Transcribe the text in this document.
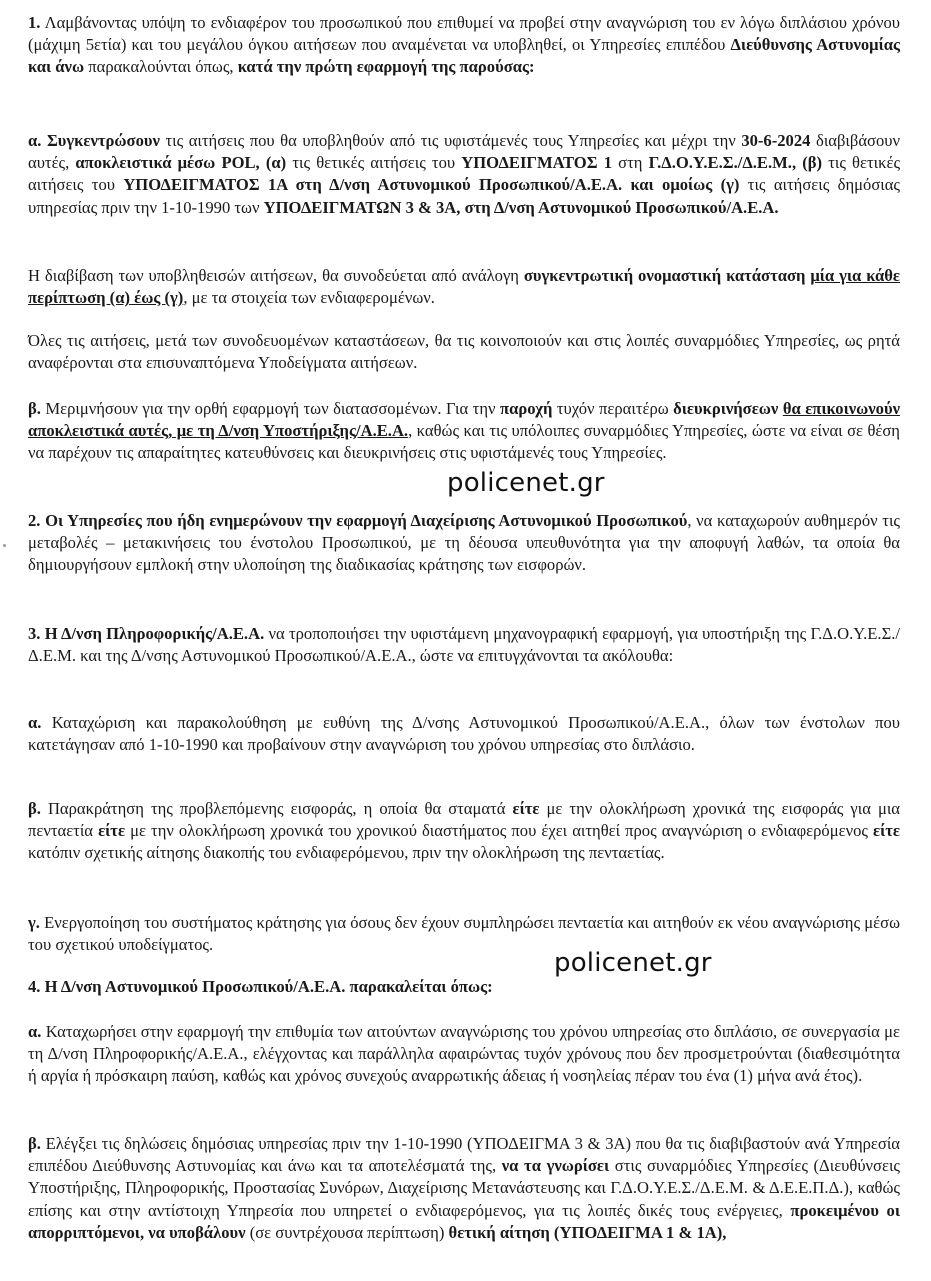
1. Λαμβάνοντας υπόψη το ενδιαφέρον του προσωπικού που επιθυμεί να προβεί στην αναγνώριση του εν λόγω διπλάσιου χρόνου (μάχιμη 5ετία) και του μεγάλου όγκου αιτήσεων που αναμένεται να υποβληθεί, οι Υπηρεσίες επιπέδου Διεύθυνσης Αστυνομίας και άνω παρακαλούνται όπως, κατά την πρώτη εφαρμογή της παρούσας:

α. Συγκεντρώσουν τις αιτήσεις που θα υποβληθούν από τις υφιστάμενές τους Υπηρεσίες και μέχρι την 30-6-2024 διαβιβάσουν αυτές, αποκλειστικά μέσω POL, (α) τις θετικές αιτήσεις του ΥΠΟΔΕΙΓΜΑΤΟΣ 1 στη Γ.Δ.Ο.Υ.Ε.Σ./Δ.Ε.Μ., (β) τις θετικές αιτήσεις του ΥΠΟΔΕΙΓΜΑΤΟΣ 1Α στη Δ/νση Αστυνομικού Προσωπικού/Α.Ε.Α. και ομοίως (γ) τις αιτήσεις δημόσιας υπηρεσίας πριν την 1-10-1990 των ΥΠΟΔΕΙΓΜΑΤΩΝ 3 & 3Α, στη Δ/νση Αστυνομικού Προσωπικού/Α.Ε.Α.

Η διαβίβαση των υποβληθεισών αιτήσεων, θα συνοδεύεται από ανάλογη συγκεντρωτική ονομαστική κατάσταση μία για κάθε περίπτωση (α) έως (γ), με τα στοιχεία των ενδιαφερομένων.

Όλες τις αιτήσεις, μετά των συνοδευομένων καταστάσεων, θα τις κοινοποιούν και στις λοιπές συναρμόδιες Υπηρεσίες, ως ρητά αναφέρονται στα επισυναπτόμενα Υποδείγματα αιτήσεων.

β. Μεριμνήσουν για την ορθή εφαρμογή των διατασσομένων. Για την παροχή τυχόν περαιτέρω διευκρινήσεων θα επικοινωνούν αποκλειστικά αυτές, με τη Δ/νση Υποστήριξης/Α.Ε.Α., καθώς και τις υπόλοιπες συναρμόδιες Υπηρεσίες, ώστε να είναι σε θέση να παρέχουν τις απαραίτητες κατευθύνσεις και διευκρινήσεις στις υφιστάμενές τους Υπηρεσίες.

2. Οι Υπηρεσίες που ήδη ενημερώνουν την εφαρμογή Διαχείρισης Αστυνομικού Προσωπικού, να καταχωρούν αυθημερόν τις μεταβολές – μετακινήσεις του ένστολου Προσωπικού, με τη δέουσα υπευθυνότητα για την αποφυγή λαθών, τα οποία θα δημιουργήσουν εμπλοκή στην υλοποίηση της διαδικασίας κράτησης των εισφορών.

3. Η Δ/νση Πληροφορικής/Α.Ε.Α. να τροποποιήσει την υφιστάμενη μηχανογραφική εφαρμογή, για υποστήριξη της Γ.Δ.Ο.Υ.Ε.Σ./Δ.Ε.Μ. και της Δ/νσης Αστυνομικού Προσωπικού/Α.Ε.Α., ώστε να επιτυγχάνονται τα ακόλουθα:

α. Καταχώριση και παρακολούθηση με ευθύνη της Δ/νσης Αστυνομικού Προσωπικού/Α.Ε.Α., όλων των ένστολων που κατετάγησαν από 1-10-1990 και προβαίνουν στην αναγνώριση του χρόνου υπηρεσίας στο διπλάσιο.

β. Παρακράτηση της προβλεπόμενης εισφοράς, η οποία θα σταματά είτε με την ολοκλήρωση χρονικά της εισφοράς για μια πενταετία είτε με την ολοκλήρωση χρονικά του χρονικού διαστήματος που έχει αιτηθεί προς αναγνώριση ο ενδιαφερόμενος είτε κατόπιν σχετικής αίτησης διακοπής του ενδιαφερόμενου, πριν την ολοκλήρωση της πενταετίας.

γ. Ενεργοποίηση του συστήματος κράτησης για όσους δεν έχουν συμπληρώσει πενταετία και αιτηθούν εκ νέου αναγνώρισης μέσω του σχετικού υποδείγματος.

4. Η Δ/νση Αστυνομικού Προσωπικού/Α.Ε.Α. παρακαλείται όπως:

α. Καταχωρήσει στην εφαρμογή την επιθυμία των αιτούντων αναγνώρισης του χρόνου υπηρεσίας στο διπλάσιο, σε συνεργασία με τη Δ/νση Πληροφορικής/Α.Ε.Α., ελέγχοντας και παράλληλα αφαιρώντας τυχόν χρόνους που δεν προσμετρούνται (διαθεσιμότητα ή αργία ή πρόσκαιρη παύση, καθώς και χρόνος συνεχούς αναρρωτικής άδειας ή νοσηλείας πέραν του ένα (1) μήνα ανά έτος).

β. Ελέγξει τις δηλώσεις δημόσιας υπηρεσίας πριν την 1-10-1990 (ΥΠΟΔΕΙΓΜΑ 3 & 3Α) που θα τις διαβιβαστούν ανά Υπηρεσία επιπέδου Διεύθυνσης Αστυνομίας και άνω και τα αποτελέσματά της, να τα γνωρίσει στις συναρμόδιες Υπηρεσίες (Διευθύνσεις Υποστήριξης, Πληροφορικής, Προστασίας Συνόρων, Διαχείρισης Μετανάστευσης και Γ.Δ.Ο.Υ.Ε.Σ./Δ.Ε.Μ. & Δ.Ε.Ε.Π.Δ.), καθώς επίσης και στην αντίστοιχη Υπηρεσία που υπηρετεί ο ενδιαφερόμενος, για τις λοιπές δικές τους ενέργειες, προκειμένου οι απορριπτόμενοι, να υποβάλουν (σε συντρέχουσα περίπτωση) θετική αίτηση (ΥΠΟΔΕΙΓΜΑ 1 & 1Α),

policenet.gr
policenet.gr
